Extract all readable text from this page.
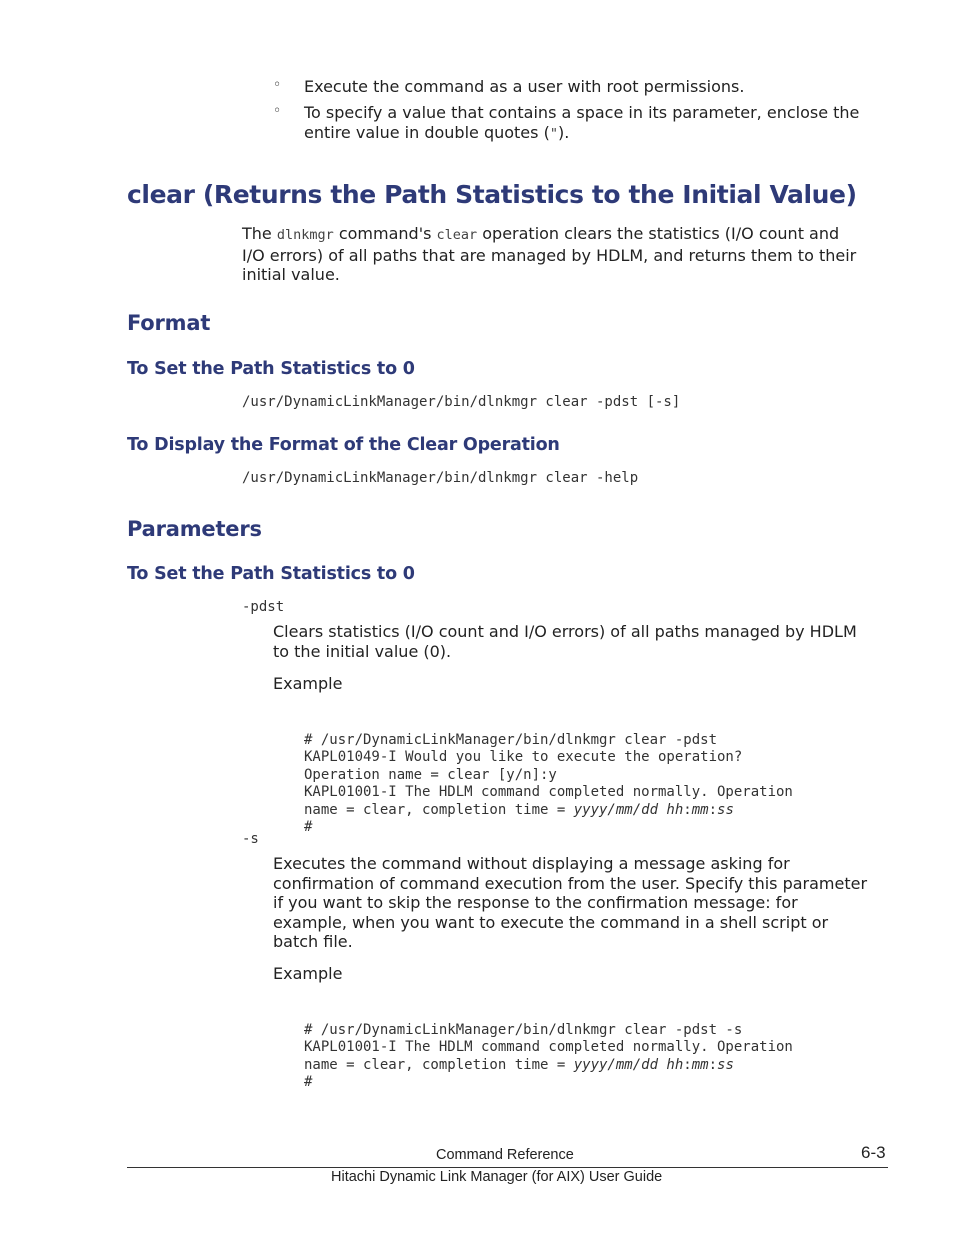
◦ Execute the command as a user with root permissions.
◦ To specify a value that contains a space in its parameter, enclose the
entire value in double quotes (").
clear (Returns the Path Statistics to the Initial Value)
The dlnkmgr command's clear operation clears the statistics (I/O count and
I/O errors) of all paths that are managed by HDLM, and returns them to their
initial value.
Format
To Set the Path Statistics to 0
/usr/DynamicLinkManager/bin/dlnkmgr clear -pdst [-s]
To Display the Format of the Clear Operation
/usr/DynamicLinkManager/bin/dlnkmgr clear -help
Parameters
To Set the Path Statistics to 0
-pdst
Clears statistics (I/O count and I/O errors) of all paths managed by HDLM
to the initial value (0).
Example

# /usr/DynamicLinkManager/bin/dlnkmgr clear -pdst
KAPL01049-I Would you like to execute the operation?
Operation name = clear [y/n]:y
KAPL01001-I The HDLM command completed normally. Operation
name = clear, completion time = yyyy/mm/dd hh:mm:ss
#

-s
Executes the command without displaying a message asking for
confirmation of command execution from the user. Specify this parameter
if you want to skip the response to the confirmation message: for
example, when you want to execute the command in a shell script or
batch file.
Example

# /usr/DynamicLinkManager/bin/dlnkmgr clear -pdst -s
KAPL01001-I The HDLM command completed normally. Operation
name = clear, completion time = yyyy/mm/dd hh:mm:ss
#

Command Reference	6-3
Hitachi Dynamic Link Manager (for AIX) User Guide
